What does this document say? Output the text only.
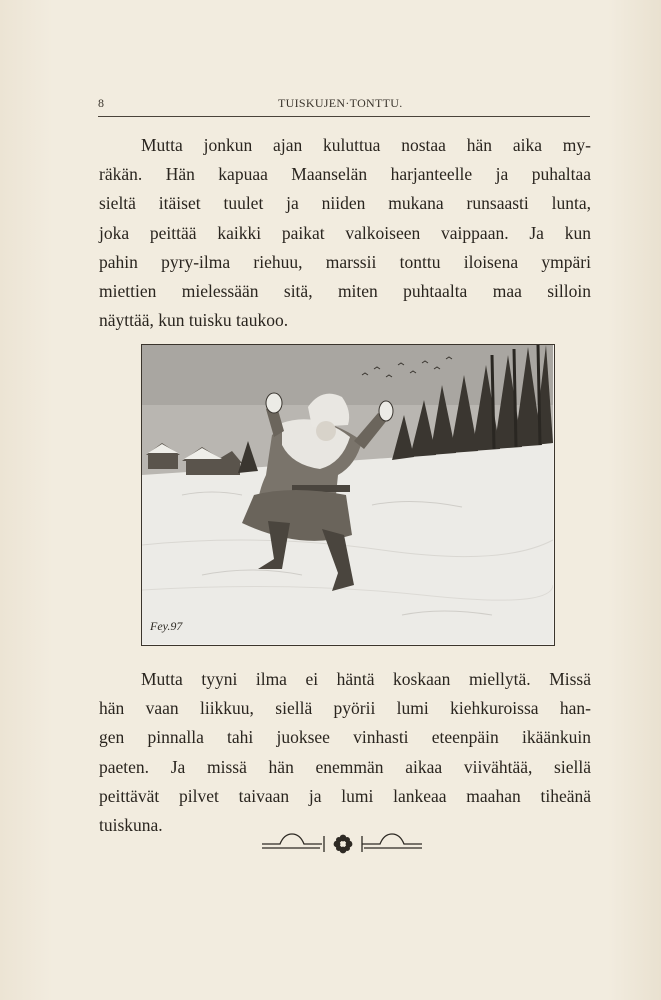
8	TUISKUJEN·TONTTU.
Mutta jonkun ajan kuluttua nostaa hän aika my-
räkän. Hän kapuaa Maanselän harjanteelle ja puhaltaa
sieltä itäiset tuulet ja niiden mukana runsaasti lunta,
joka peittää kaikki paikat valkoiseen vaippaan. Ja kun
pahin pyry-ilma riehuu, marssii tonttu iloisena ympäri
miettien mielessään sitä, miten puhtaalta maa silloin
näyttää, kun tuisku taukoo.
Fey.97
Mutta tyyni ilma ei häntä koskaan miellytä. Missä
hän vaan liikkuu, siellä pyörii lumi kiehkuroissa han-
gen pinnalla tahi juoksee vinhasti eteenpäin ikäänkuin
paeten. Ja missä hän enemmän aikaa viivähtää, siellä
peittävät pilvet taivaan ja lumi lankeaa maahan tiheänä
tuiskuna.
